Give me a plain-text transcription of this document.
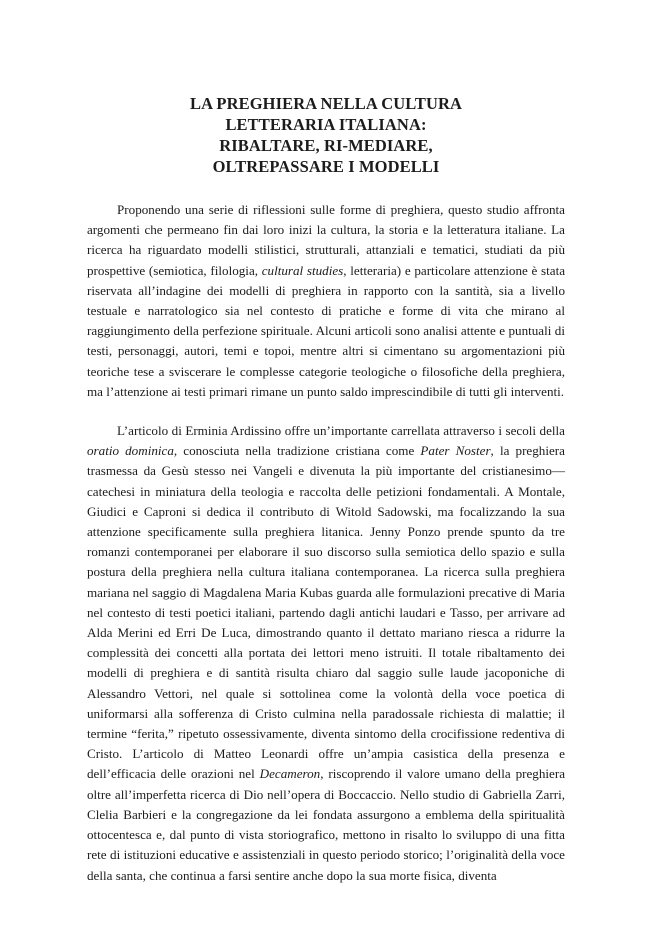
LA PREGHIERA NELLA CULTURA
LETTERARIA ITALIANA:
RIBALTARE, RI-MEDIARE,
OLTREPASSARE I MODELLI

Proponendo una serie di riflessioni sulle forme di preghiera, questo studio affronta argomenti che permeano fin dai loro inizi la cultura, la storia e la letteratura italiane. La ricerca ha riguardato modelli stilistici, strutturali, attanziali e tematici, studiati da più prospettive (semiotica, filologia, cultural studies, letteraria) e particolare attenzione è stata riservata all’indagine dei modelli di preghiera in rapporto con la santità, sia a livello testuale e narratologico sia nel contesto di pratiche e forme di vita che mirano al raggiungimento della perfezione spirituale. Alcuni articoli sono analisi attente e puntuali di testi, personaggi, autori, temi e topoi, mentre altri si cimentano su argomentazioni più teoriche tese a sviscerare le complesse categorie teologiche o filosofiche della preghiera, ma l’attenzione ai testi primari rimane un punto saldo imprescindibile di tutti gli interventi.

L’articolo di Erminia Ardissino offre un’importante carrellata attraverso i secoli della oratio dominica, conosciuta nella tradizione cristiana come Pater Noster, la preghiera trasmessa da Gesù stesso nei Vangeli e divenuta la più importante del cristianesimo—catechesi in miniatura della teologia e raccolta delle petizioni fondamentali. A Montale, Giudici e Caproni si dedica il contributo di Witold Sadowski, ma focalizzando la sua attenzione specificamente sulla preghiera litanica. Jenny Ponzo prende spunto da tre romanzi contemporanei per elaborare il suo discorso sulla semiotica dello spazio e sulla postura della preghiera nella cultura italiana contemporanea. La ricerca sulla preghiera mariana nel saggio di Magdalena Maria Kubas guarda alle formulazioni precative di Maria nel contesto di testi poetici italiani, partendo dagli antichi laudari e Tasso, per arrivare ad Alda Merini ed Erri De Luca, dimostrando quanto il dettato mariano riesca a ridurre la complessità dei concetti alla portata dei lettori meno istruiti. Il totale ribaltamento dei modelli di preghiera e di santità risulta chiaro dal saggio sulle laude jacoponiche di Alessandro Vettori, nel quale si sottolinea come la volontà della voce poetica di uniformarsi alla sofferenza di Cristo culmina nella paradossale richiesta di malattie; il termine “ferita,” ripetuto ossessivamente, diventa sintomo della crocifissione redentiva di Cristo. L’articolo di Matteo Leonardi offre un’ampia casistica della presenza e dell’efficacia delle orazioni nel Decameron, riscoprendo il valore umano della preghiera oltre all’imperfetta ricerca di Dio nell’opera di Boccaccio. Nello studio di Gabriella Zarri, Clelia Barbieri e la congregazione da lei fondata assurgono a emblema della spiritualità ottocentesca e, dal punto di vista storiografico, mettono in risalto lo sviluppo di una fitta rete di istituzioni educative e assistenziali in questo periodo storico; l’originalità della voce della santa, che continua a farsi sentire anche dopo la sua morte fisica, diventa
